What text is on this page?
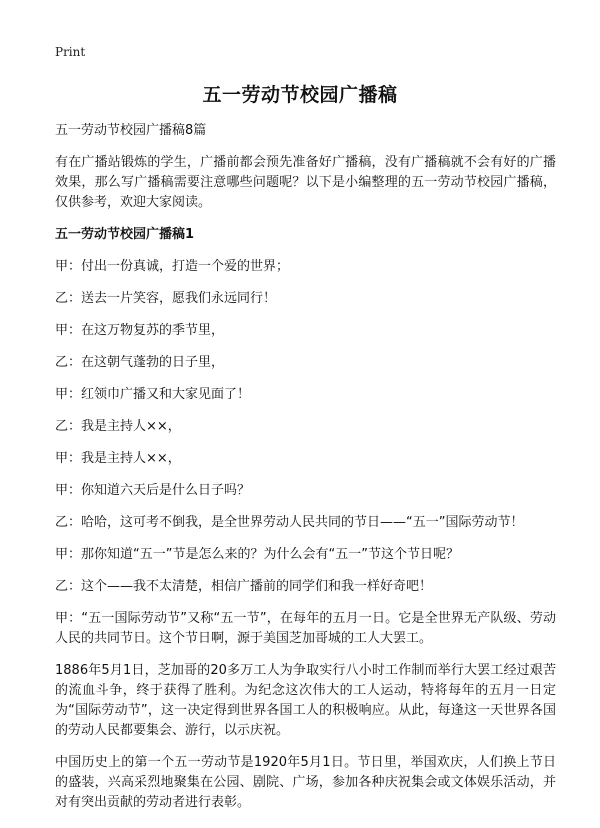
Print
五一劳动节校园广播稿

五一劳动节校园广播稿8篇

有在广播站锻炼的学生，广播前都会预先准备好广播稿，没有广播稿就不会有好的广播效果，那么写广播稿需要注意哪些问题呢？以下是小编整理的五一劳动节校园广播稿，仅供参考，欢迎大家阅读。

五一劳动节校园广播稿1

甲：付出一份真诚，打造一个爱的世界；

乙：送去一片笑容，愿我们永远同行！

甲：在这万物复苏的季节里，

乙：在这朝气蓬勃的日子里，

甲：红领巾广播又和大家见面了！

乙：我是主持人××，

甲：我是主持人××，

甲：你知道六天后是什么日子吗？

乙：哈哈，这可考不倒我，是全世界劳动人民共同的节日——“五一”国际劳动节！

甲：那你知道“五一”节是怎么来的？为什么会有“五一”节这个节日呢？

乙：这个——我不太清楚，相信广播前的同学们和我一样好奇吧！

甲：“五一国际劳动节”又称“五一节”，在每年的五月一日。它是全世界无产队级、劳动人民的共同节日。这个节日啊，源于美国芝加哥城的工人大罢工。

1886年5月1日，芝加哥的20多万工人为争取实行八小时工作制而举行大罢工经过艰苦的流血斗争，终于获得了胜利。为纪念这次伟大的工人运动，特将每年的五月一日定为“国际劳动节”，这一决定得到世界各国工人的积极响应。从此，每逢这一天世界各国的劳动人民都要集会、游行，以示庆祝。

中国历史上的第一个五一劳动节是1920年5月1日。节日里，举国欢庆，人们换上节日的盛装，兴高采烈地聚集在公园、剧院、广场，参加各种庆祝集会或文体娱乐活动，并对有突出贡献的劳动者进行表彰。
